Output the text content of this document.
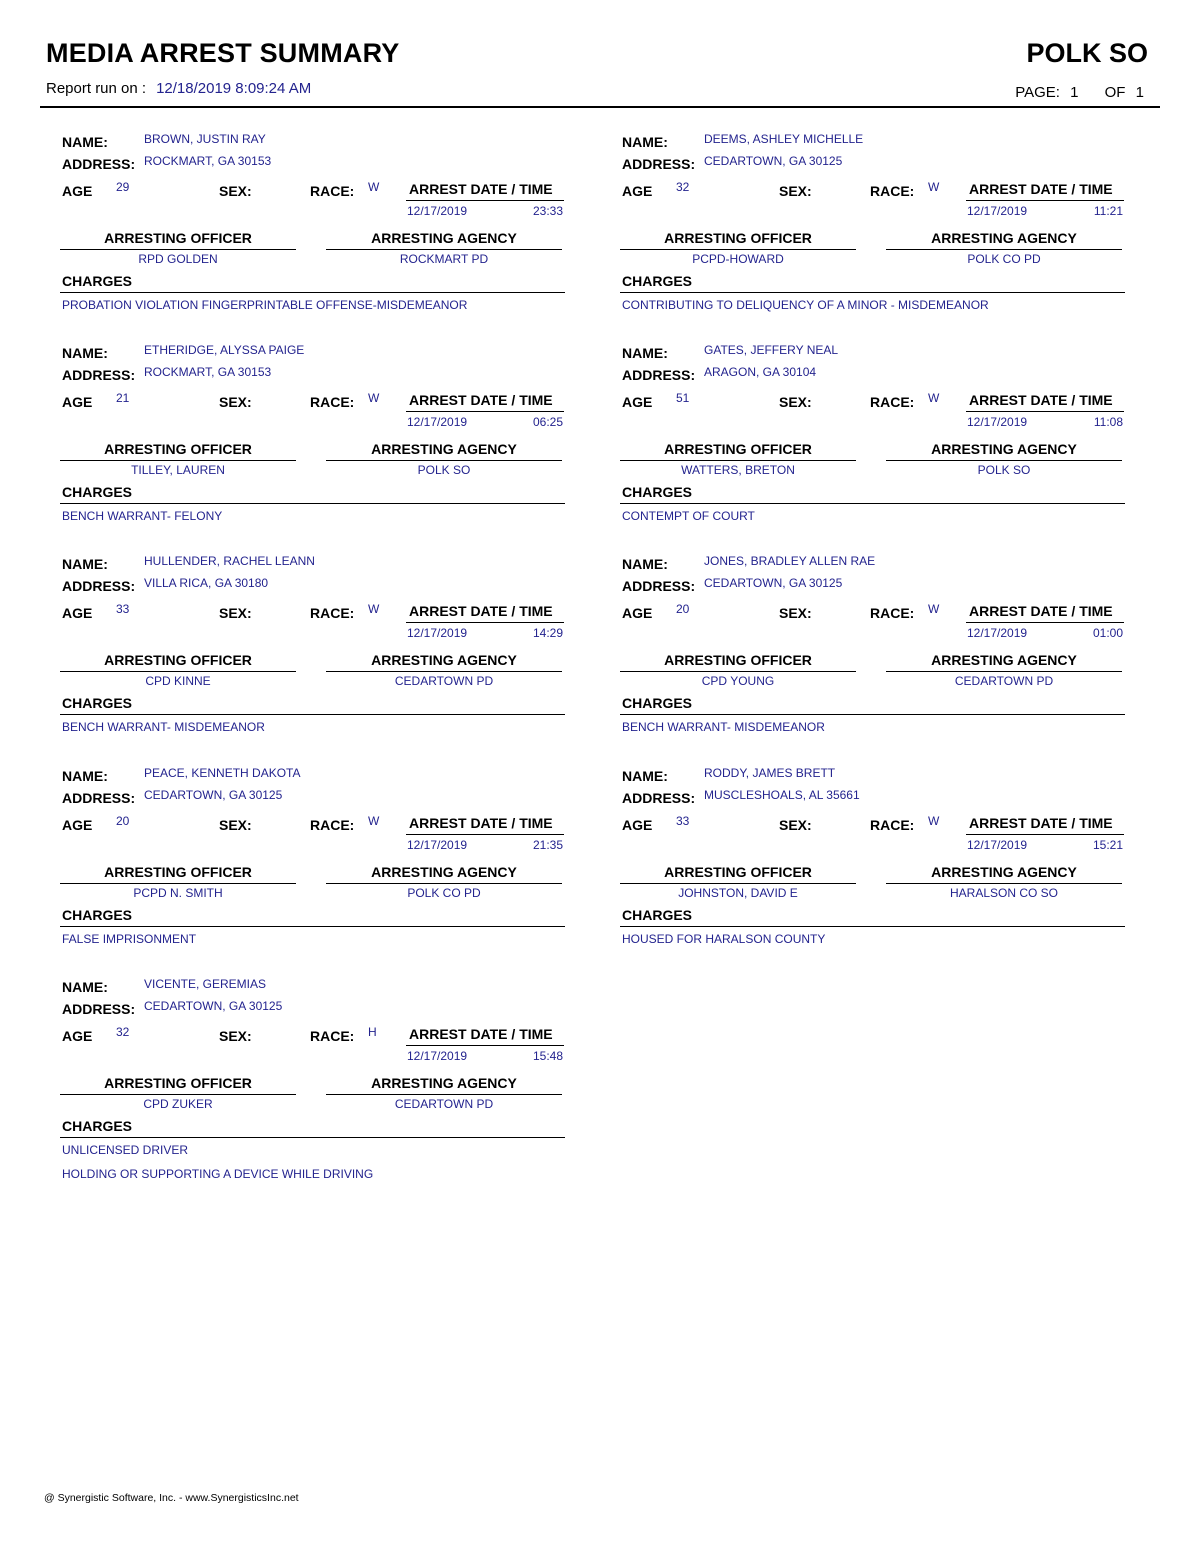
MEDIA ARREST SUMMARY	POLK SO
Report run on : 12/18/2019 8:09:24 AM	PAGE: 1 OF 1
NAME:	BROWN, JUSTIN RAY
ADDRESS: ROCKMART, GA 30153
AGE 29	SEX:	RACE: W ARREST DATE / TIME
12/17/2019	23:33
ARRESTING OFFICER
RPD GOLDEN
ARRESTING AGENCY
ROCKMART PD
CHARGES
PROBATION VIOLATION FINGERPRINTABLE OFFENSE-MISDEMEANOR
NAME:	DEEMS, ASHLEY MICHELLE
ADDRESS: CEDARTOWN, GA 30125
AGE 32	SEX:	RACE: W ARREST DATE / TIME
12/17/2019	11:21
ARRESTING OFFICER
PCPD-HOWARD
ARRESTING AGENCY
POLK CO PD
CHARGES
CONTRIBUTING TO DELIQUENCY OF A MINOR - MISDEMEANOR
NAME:	ETHERIDGE, ALYSSA PAIGE
ADDRESS: ROCKMART, GA 30153
AGE 21	SEX:	RACE: W ARREST DATE / TIME
12/17/2019	06:25
ARRESTING OFFICER
TILLEY, LAUREN
ARRESTING AGENCY
POLK SO
CHARGES
BENCH WARRANT- FELONY
NAME:	GATES, JEFFERY NEAL
ADDRESS: ARAGON, GA 30104
AGE 51	SEX:	RACE: W ARREST DATE / TIME
12/17/2019	11:08
ARRESTING OFFICER
WATTERS, BRETON
ARRESTING AGENCY
POLK SO
CHARGES
CONTEMPT OF COURT
NAME:	HULLENDER, RACHEL LEANN
ADDRESS: VILLA RICA, GA 30180
AGE 33	SEX:	RACE: W ARREST DATE / TIME
12/17/2019	14:29
ARRESTING OFFICER
CPD KINNE
ARRESTING AGENCY
CEDARTOWN PD
CHARGES
BENCH WARRANT- MISDEMEANOR
NAME:	JONES, BRADLEY ALLEN RAE
ADDRESS: CEDARTOWN, GA 30125
AGE 20	SEX:	RACE: W ARREST DATE / TIME
12/17/2019	01:00
ARRESTING OFFICER
CPD YOUNG
ARRESTING AGENCY
CEDARTOWN PD
CHARGES
BENCH WARRANT- MISDEMEANOR
NAME:	PEACE, KENNETH DAKOTA
ADDRESS: CEDARTOWN, GA 30125
AGE 20	SEX:	RACE: W ARREST DATE / TIME
12/17/2019	21:35
ARRESTING OFFICER
PCPD N. SMITH
ARRESTING AGENCY
POLK CO PD
CHARGES
FALSE IMPRISONMENT
NAME:	RODDY, JAMES BRETT
ADDRESS: MUSCLESHOALS, AL 35661
AGE 33	SEX:	RACE: W ARREST DATE / TIME
12/17/2019	15:21
ARRESTING OFFICER
JOHNSTON, DAVID E
ARRESTING AGENCY
HARALSON CO SO
CHARGES
HOUSED FOR HARALSON COUNTY
NAME:	VICENTE, GEREMIAS
ADDRESS: CEDARTOWN, GA 30125
AGE 32	SEX:	RACE: H ARREST DATE / TIME
12/17/2019	15:48
ARRESTING OFFICER
CPD ZUKER
ARRESTING AGENCY
CEDARTOWN PD
CHARGES
UNLICENSED DRIVER
HOLDING OR SUPPORTING A DEVICE WHILE DRIVING
@ Synergistic Software, Inc. - www.SynergisticsInc.net
